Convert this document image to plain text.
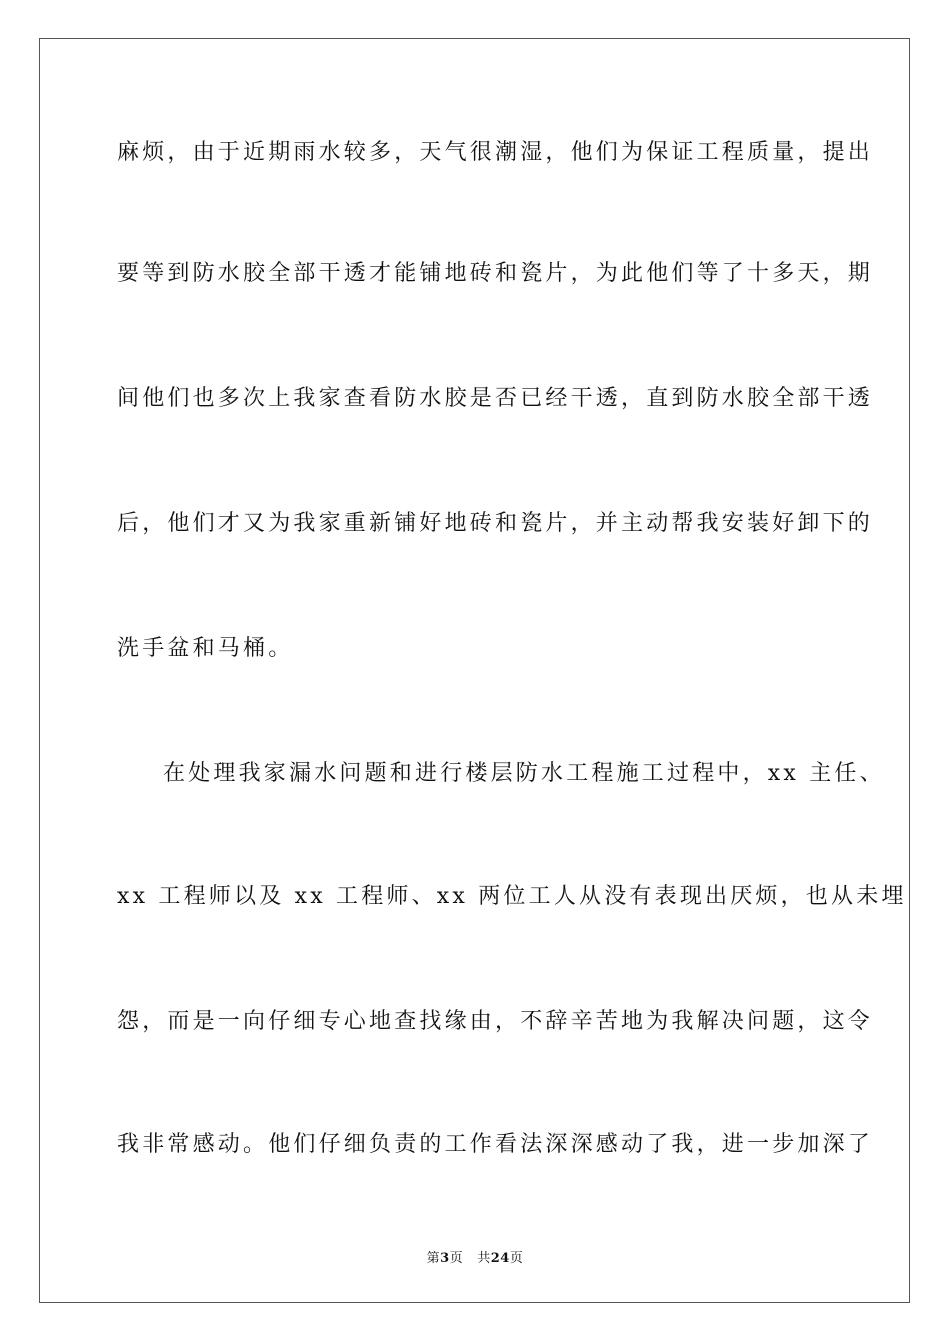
麻烦，由于近期雨水较多，天气很潮湿，他们为保证工程质量，提出
要等到防水胶全部干透才能铺地砖和瓷片，为此他们等了十多天，期
间他们也多次上我家查看防水胶是否已经干透，直到防水胶全部干透
后，他们才又为我家重新铺好地砖和瓷片，并主动帮我安装好卸下的
洗手盆和马桶。
在处理我家漏水问题和进行楼层防水工程施工过程中，xx 主任、
xx 工程师以及 xx 工程师、xx 两位工人从没有表现出厌烦，也从未埋
怨，而是一向仔细专心地查找缘由，不辞辛苦地为我解决问题，这令
我非常感动。他们仔细负责的工作看法深深感动了我，进一步加深了
第3页 共24页
